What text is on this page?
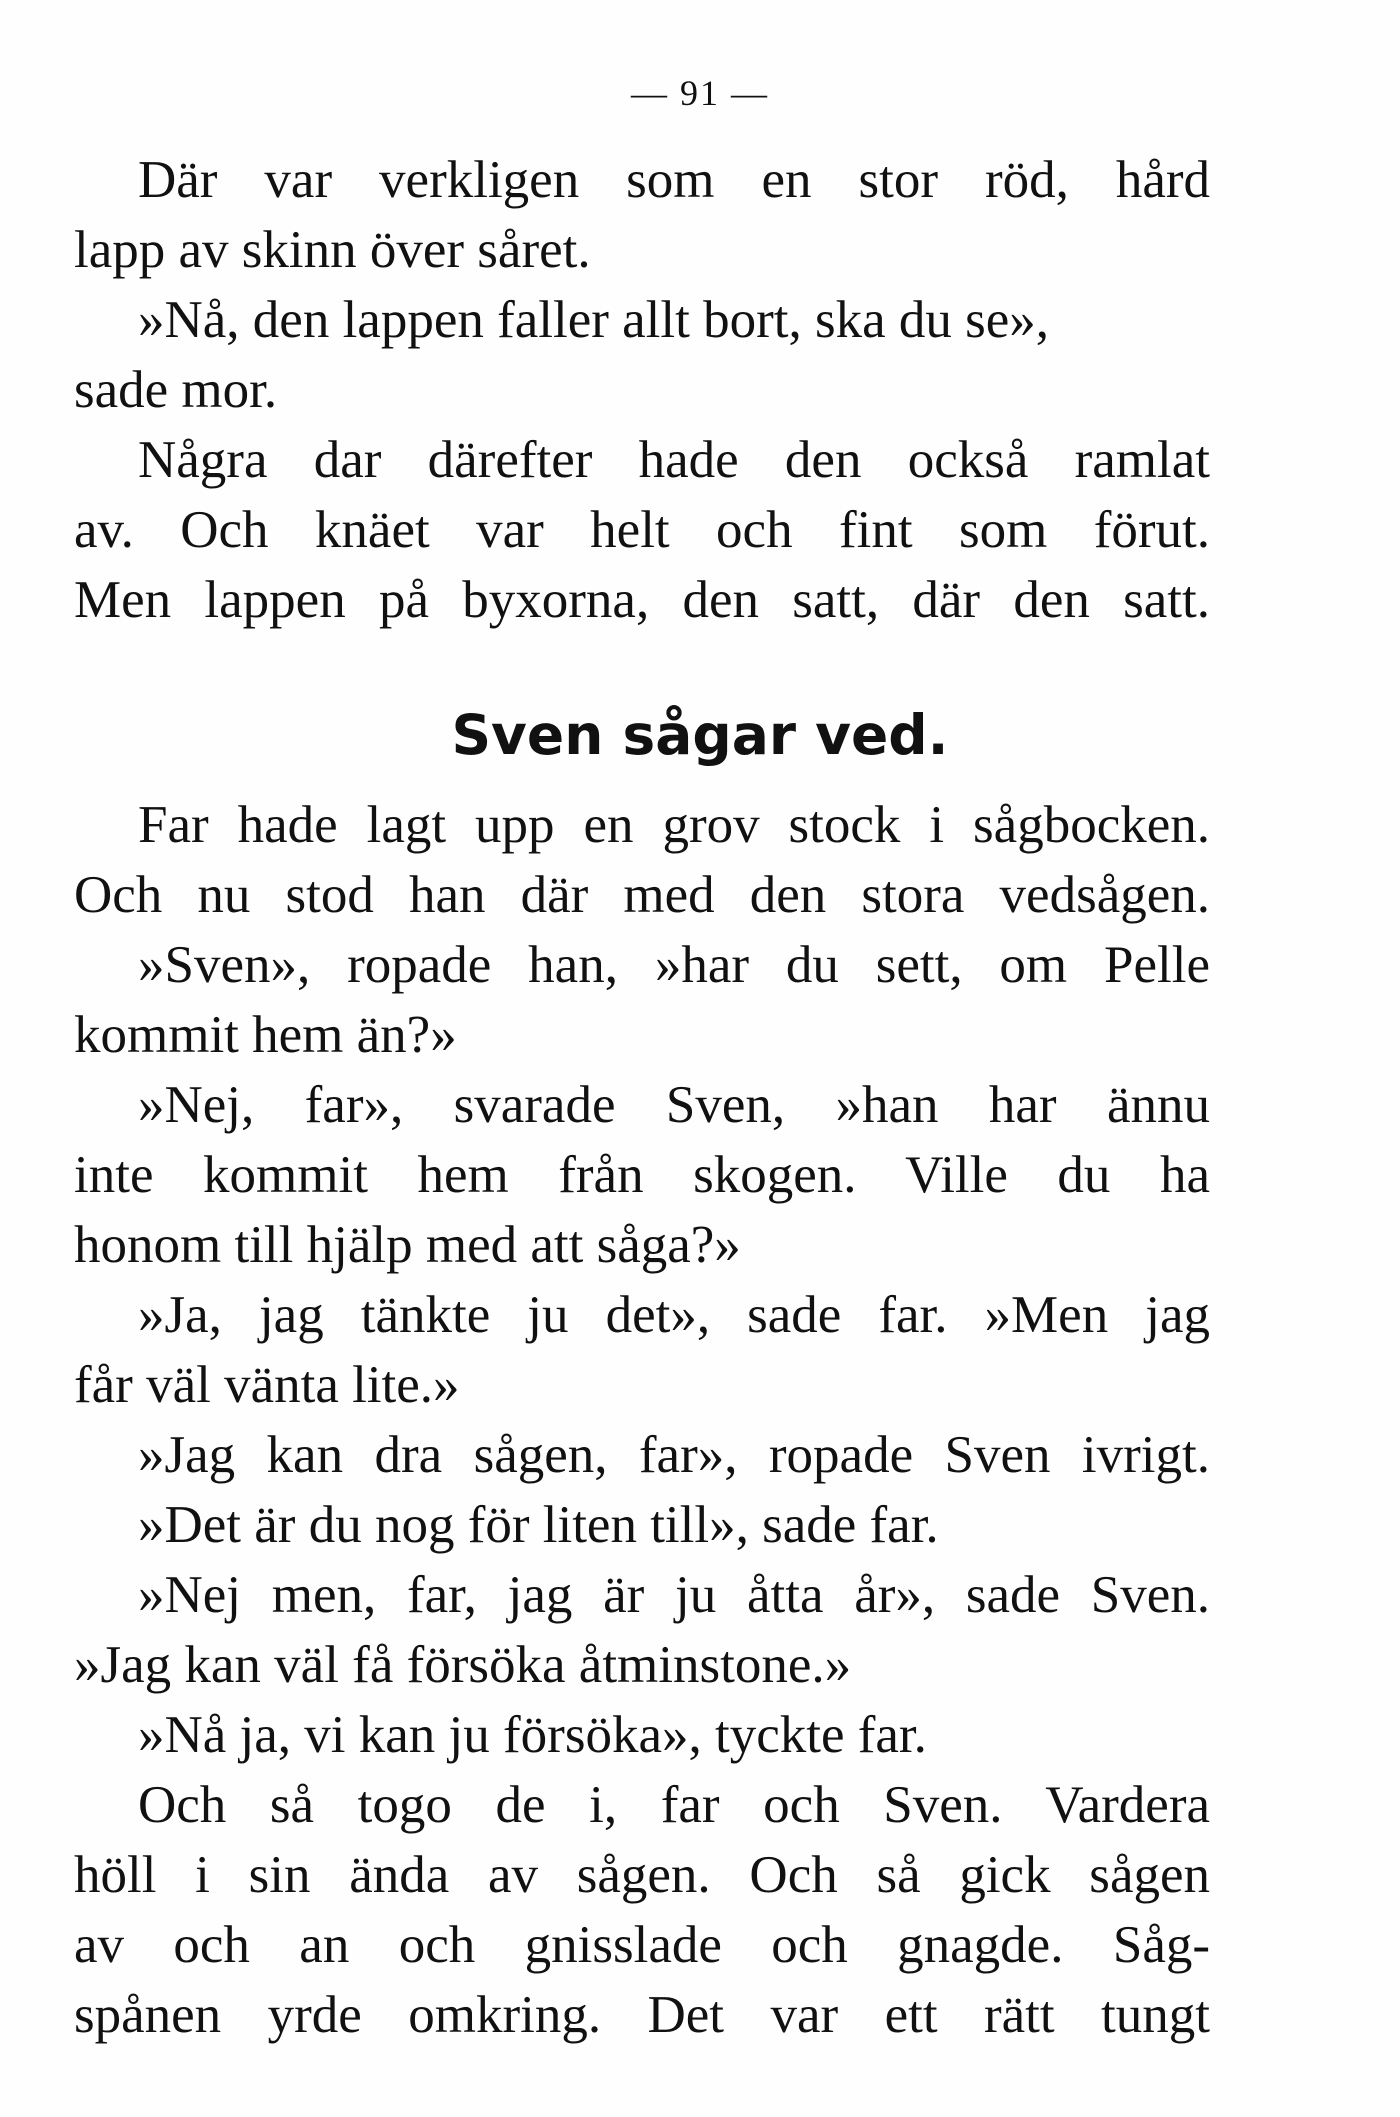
— 91 —
Där var verkligen som en stor röd, hård
lapp av skinn över såret.
»Nå, den lappen faller allt bort, ska du se»,
sade mor.
Några dar därefter hade den också ramlat
av. Och knäet var helt och fint som förut.
Men lappen på byxorna, den satt, där den satt.
Sven sågar ved.
Far hade lagt upp en grov stock i sågbocken.
Och nu stod han där med den stora vedsågen.
»Sven», ropade han, »har du sett, om Pelle
kommit hem än?»
»Nej, far», svarade Sven, »han har ännu
inte kommit hem från skogen. Ville du ha
honom till hjälp med att såga?»
»Ja, jag tänkte ju det», sade far. »Men jag
får väl vänta lite.»
»Jag kan dra sågen, far», ropade Sven ivrigt.
»Det är du nog för liten till», sade far.
»Nej men, far, jag är ju åtta år», sade Sven.
»Jag kan väl få försöka åtminstone.»
»Nå ja, vi kan ju försöka», tyckte far.
Och så togo de i, far och Sven. Vardera
höll i sin ända av sågen. Och så gick sågen
av och an och gnisslade och gnagde. Såg-
spånen yrde omkring. Det var ett rätt tungt
